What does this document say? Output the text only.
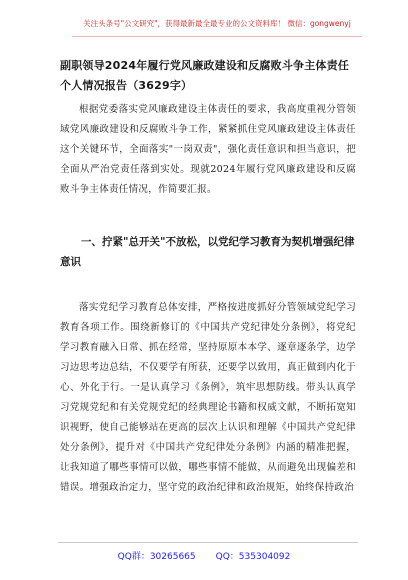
关注头条号"公文研究"，获得最新最全最专业的公文资料库！ 微信：gongwenyj
副职领导2024年履行党风廉政建设和反腐败斗争主体责任个人情况报告（3629字）
根据党委落实党风廉政建设主体责任的要求，我高度重视分管领域党风廉政建设和反腐败斗争工作，紧紧抓住党风廉政建设主体责任这个关键环节，全面落实"一岗双责"，强化责任意识和担当意识，把全面从严治党责任落到实处。现就2024年履行党风廉政建设和反腐败斗争主体责任情况，作简要汇报。
一、拧紧"总开关"不放松，以党纪学习教育为契机增强纪律意识
落实党纪学习教育总体安排，严格按进度抓好分管领域党纪学习教育各项工作。围绕新修订的《中国共产党纪律处分条例》，将党纪学习教育融入日常、抓在经常，坚持原原本本学、逐章逐条学，边学习边思考边总结，不仅要学有所获，还要学以致用，真正做到内化于心、外化于行。一是认真学习《条例》，筑牢思想防线。带头认真学习党规党纪和有关党规党纪的经典理论书籍和权威文献，不断拓宽知识视野，使自己能够站在更高的层次上认识和理解《中国共产党纪律处分条例》，提升对《中国共产党纪律处分条例》内涵的精准把握，让我知道了哪些事情可以做，哪些事情不能做，从而避免出现偏差和错误。增强政治定力，坚守党的政治纪律和政治规矩，始终保持政治
QQ群：30265665 QQ：535304092
